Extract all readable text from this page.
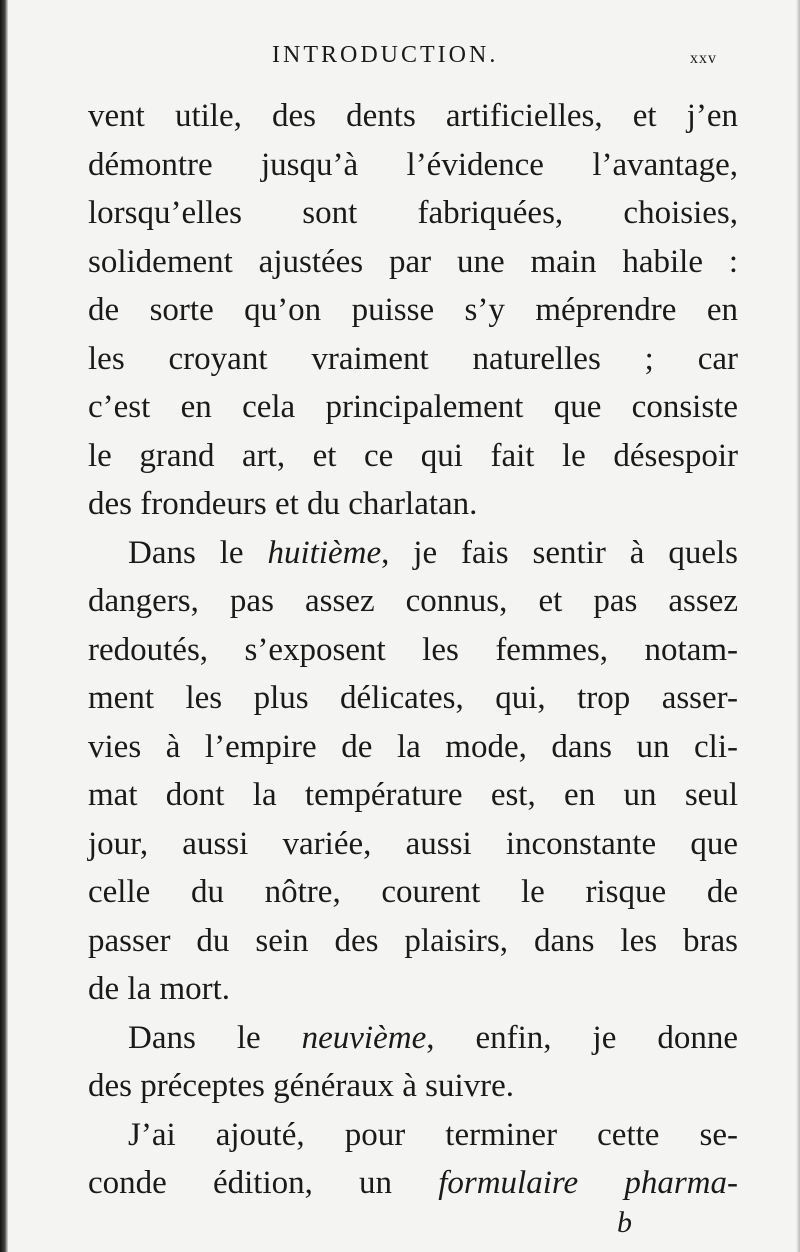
INTRODUCTION.	xxv
vent utile, des dents artificielles, et j’en
démontre jusqu’à l’évidence l’avantage,
lorsqu’elles sont fabriquées, choisies,
solidement ajustées par une main habile :
de sorte qu’on puisse s’y méprendre en
les croyant vraiment naturelles ; car
c’est en cela principalement que consiste
le grand art, et ce qui fait le désespoir
des frondeurs et du charlatan.
Dans le huitième, je fais sentir à quels
dangers, pas assez connus, et pas assez
redoutés, s’exposent les femmes, notam-
ment les plus délicates, qui, trop asser-
vies à l’empire de la mode, dans un cli-
mat dont la température est, en un seul
jour, aussi variée, aussi inconstante que
celle du nôtre, courent le risque de
passer du sein des plaisirs, dans les bras
de la mort.
Dans le neuvième, enfin, je donne
des préceptes généraux à suivre.
J’ai ajouté, pour terminer cette se-
conde édition, un formulaire pharma-
b
